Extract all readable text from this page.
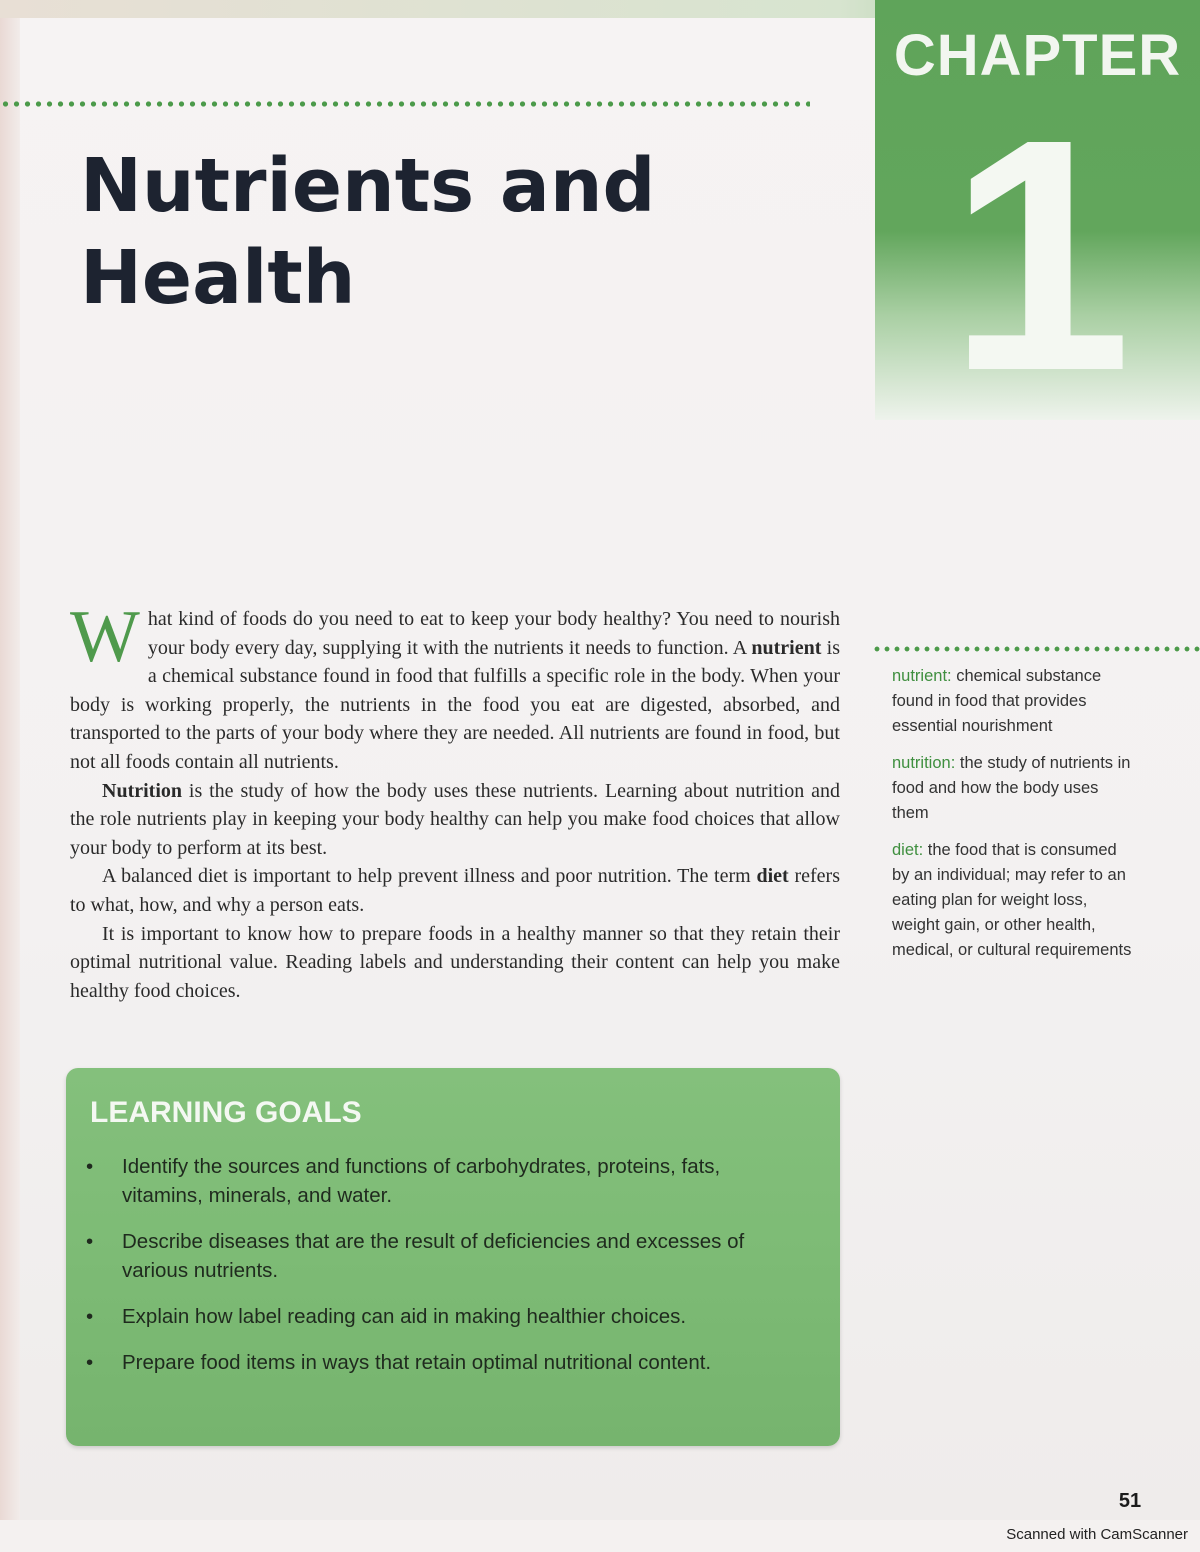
CHAPTER
1
Nutrients and
Health

What kind of foods do you need to eat to keep your body healthy? You need to nourish your body every day, supplying it with the nutrients it needs to function. A nutrient is a chemical substance found in food that fulfills a specific role in the body. When your body is working properly, the nutrients in the food you eat are digested, absorbed, and transported to the parts of your body where they are needed. All nutrients are found in food, but not all foods contain all nutrients.

Nutrition is the study of how the body uses these nutrients. Learning about nutrition and the role nutrients play in keeping your body healthy can help you make food choices that allow your body to perform at its best.

A balanced diet is important to help prevent illness and poor nutrition. The term diet refers to what, how, and why a person eats.

It is important to know how to prepare foods in a healthy manner so that they retain their optimal nutritional value. Reading labels and understanding their content can help you make healthy food choices.

nutrient: chemical substance found in food that provides essential nourishment

nutrition: the study of nutrients in food and how the body uses them

diet: the food that is consumed by an individual; may refer to an eating plan for weight loss, weight gain, or other health, medical, or cultural requirements

LEARNING GOALS
• Identify the sources and functions of carbohydrates, proteins, fats, vitamins, minerals, and water.
• Describe diseases that are the result of deficiencies and excesses of various nutrients.
• Explain how label reading can aid in making healthier choices.
• Prepare food items in ways that retain optimal nutritional content.
51
Scanned with CamScanner
